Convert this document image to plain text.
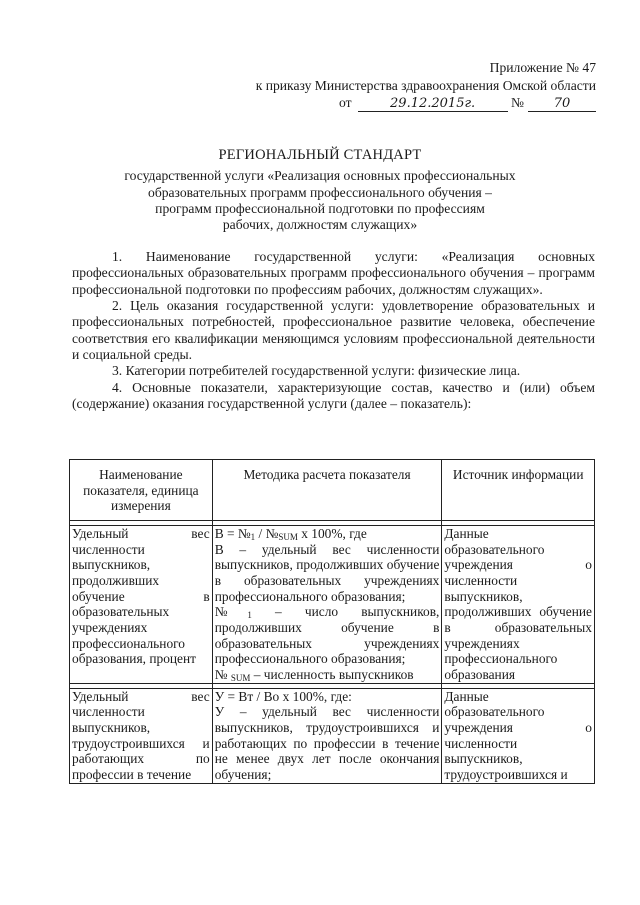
Приложение № 47
к приказу Министерства здравоохранения Омской области
от	29.12.2015г.	№ 70
РЕГИОНАЛЬНЫЙ СТАНДАРТ
государственной услуги «Реализация основных профессиональных
образовательных программ профессионального обучения –
программ профессиональной подготовки по профессиям
рабочих, должностям служащих»

1. Наименование государственной услуги: «Реализация основных профессиональных образовательных программ профессионального обучения – программ профессиональной подготовки по профессиям рабочих, должностям служащих».

2. Цель оказания государственной услуги: удовлетворение образовательных и профессиональных потребностей, профессиональное развитие человека, обеспечение соответствия его квалификации меняющимся условиям профессиональной деятельности и социальной среды.

3. Категории потребителей государственной услуги: физические лица.

4. Основные показатели, характеризующие состав, качество и (или) объем (содержание) оказания государственной услуги (далее – показатель):

Наименование показателя, единица измерения	Методика расчета показателя	Источник информации

Удельный вес численности выпускников, продолживших обучение в образовательных учреждениях профессионального образования, процент	$В = №_1$ / $№_{SUM}$ х 100%, где
В – удельный вес численности выпускников, продолживших обучение в образовательных учреждениях профессионального образования;
$№_1$ – число выпускников, продолживших обучение в образовательных учреждениях профессионального образования;
№ $_{SUM}$ – численность выпускников	Данные образовательного учреждения о численности выпускников, продолживших обучение в образовательных учреждениях профессионального образования

Удельный вес численности выпускников, трудоустроившихся и работающих по профессии в течение	У = Вт / Во х 100%, где:
У – удельный вес численности выпускников, трудоустроившихся и работающих по профессии в течение не менее двух лет после окончания обучения;	Данные образовательного учреждения о численности выпускников, трудоустроившихся и
